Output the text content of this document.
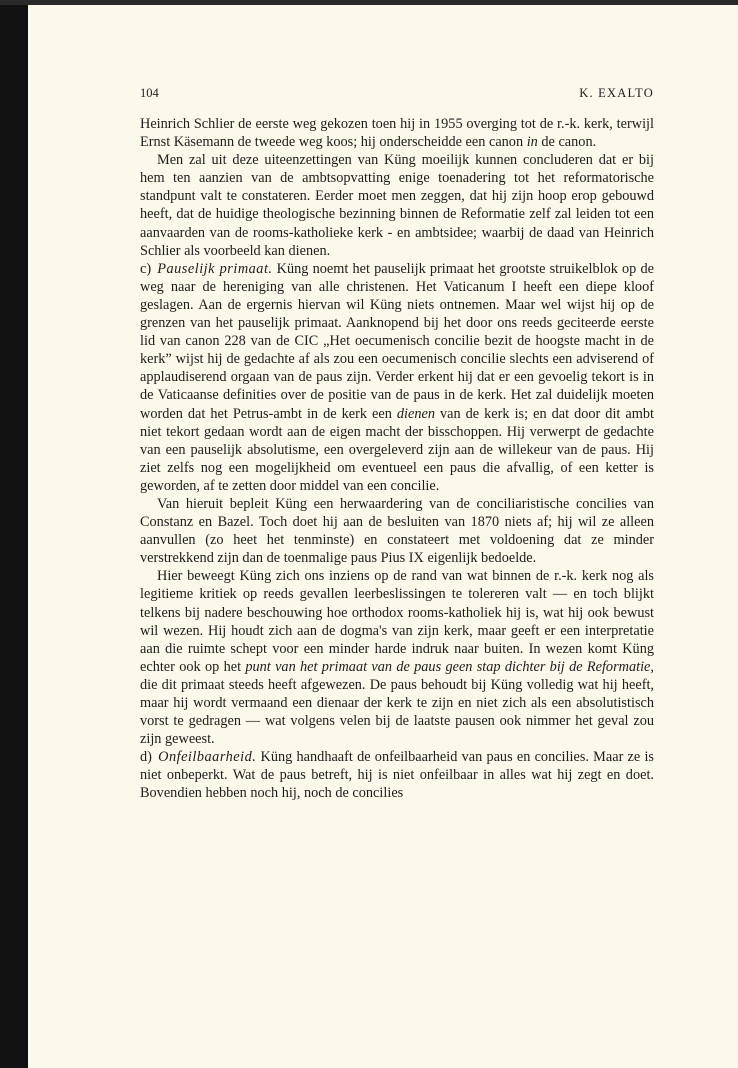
104	K. EXALTO

Heinrich Schlier de eerste weg gekozen toen hij in 1955 overging tot de r.-k. kerk, terwijl Ernst Käsemann de tweede weg koos; hij onderscheidde een canon in de canon.

Men zal uit deze uiteenzettingen van Küng moeilijk kunnen concluderen dat er bij hem ten aanzien van de ambtsopvatting enige toenadering tot het reformatorische standpunt valt te constateren. Eerder moet men zeggen, dat hij zijn hoop erop gebouwd heeft, dat de huidige theologische bezinning binnen de Reformatie zelf zal leiden tot een aanvaarden van de rooms-katholieke kerk - en ambtsidee; waarbij de daad van Heinrich Schlier als voorbeeld kan dienen.

c) Pauselijk primaat. Küng noemt het pauselijk primaat het grootste struikelblok op de weg naar de hereniging van alle christenen. Het Vaticanum I heeft een diepe kloof geslagen. Aan de ergernis hiervan wil Küng niets ontnemen. Maar wel wijst hij op de grenzen van het pauselijk primaat. Aanknopend bij het door ons reeds geciteerde eerste lid van canon 228 van de CIC „Het oecumenisch concilie bezit de hoogste macht in de kerk” wijst hij de gedachte af als zou een oecumenisch concilie slechts een adviserend of applaudiserend orgaan van de paus zijn. Verder erkent hij dat er een gevoelig tekort is in de Vaticaanse definities over de positie van de paus in de kerk. Het zal duidelijk moeten worden dat het Petrus-ambt in de kerk een dienen van de kerk is; en dat door dit ambt niet tekort gedaan wordt aan de eigen macht der bisschoppen. Hij verwerpt de gedachte van een pauselijk absolutisme, een overgeleverd zijn aan de willekeur van de paus. Hij ziet zelfs nog een mogelijkheid om eventueel een paus die afvallig, of een ketter is geworden, af te zetten door middel van een concilie.

Van hieruit bepleit Küng een herwaardering van de conciliaristische concilies van Constanz en Bazel. Toch doet hij aan de besluiten van 1870 niets af; hij wil ze alleen aanvullen (zo heet het tenminste) en constateert met voldoening dat ze minder verstrekkend zijn dan de toenmalige paus Pius IX eigenlijk bedoelde.

Hier beweegt Küng zich ons inziens op de rand van wat binnen de r.-k. kerk nog als legitieme kritiek op reeds gevallen leerbeslissingen te tolereren valt — en toch blijkt telkens bij nadere beschouwing hoe orthodox rooms-katholiek hij is, wat hij ook bewust wil wezen. Hij houdt zich aan de dogma's van zijn kerk, maar geeft er een interpretatie aan die ruimte schept voor een minder harde indruk naar buiten. In wezen komt Küng echter ook op het punt van het primaat van de paus geen stap dichter bij de Reformatie, die dit primaat steeds heeft afgewezen. De paus behoudt bij Küng volledig wat hij heeft, maar hij wordt vermaand een dienaar der kerk te zijn en niet zich als een absolutistisch vorst te gedragen — wat volgens velen bij de laatste pausen ook nimmer het geval zou zijn geweest.

d) Onfeilbaarheid. Küng handhaaft de onfeilbaarheid van paus en concilies. Maar ze is niet onbeperkt. Wat de paus betreft, hij is niet onfeilbaar in alles wat hij zegt en doet. Bovendien hebben noch hij, noch de concilies
